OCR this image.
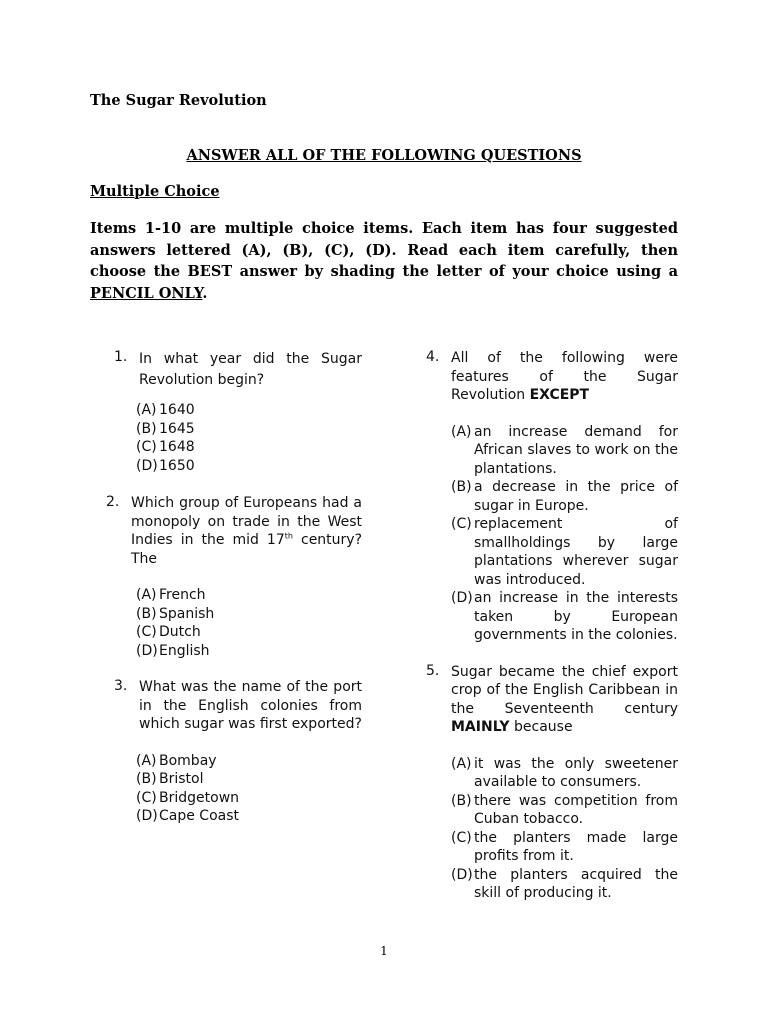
The Sugar Revolution
ANSWER ALL OF THE FOLLOWING QUESTIONS
Multiple Choice
Items 1-10 are multiple choice items. Each item has four suggested answers lettered (A), (B), (C), (D). Read each item carefully, then choose the BEST answer by shading the letter of your choice using a PENCIL ONLY.
1. In what year did the Sugar Revolution begin?
(A) 1640
(B) 1645
(C) 1648
(D) 1650
2. Which group of Europeans had a monopoly on trade in the West Indies in the mid 17th century? The
(A) French
(B) Spanish
(C) Dutch
(D) English
3. What was the name of the port in the English colonies from which sugar was first exported?
(A) Bombay
(B) Bristol
(C) Bridgetown
(D) Cape Coast
4. All of the following were features of the Sugar Revolution EXCEPT
(A) an increase demand for African slaves to work on the plantations.
(B) a decrease in the price of sugar in Europe.
(C) replacement of smallholdings by large plantations wherever sugar was introduced.
(D) an increase in the interests taken by European governments in the colonies.
5. Sugar became the chief export crop of the English Caribbean in the Seventeenth century MAINLY because
(A) it was the only sweetener available to consumers.
(B) there was competition from Cuban tobacco.
(C) the planters made large profits from it.
(D) the planters acquired the skill of producing it.
1
